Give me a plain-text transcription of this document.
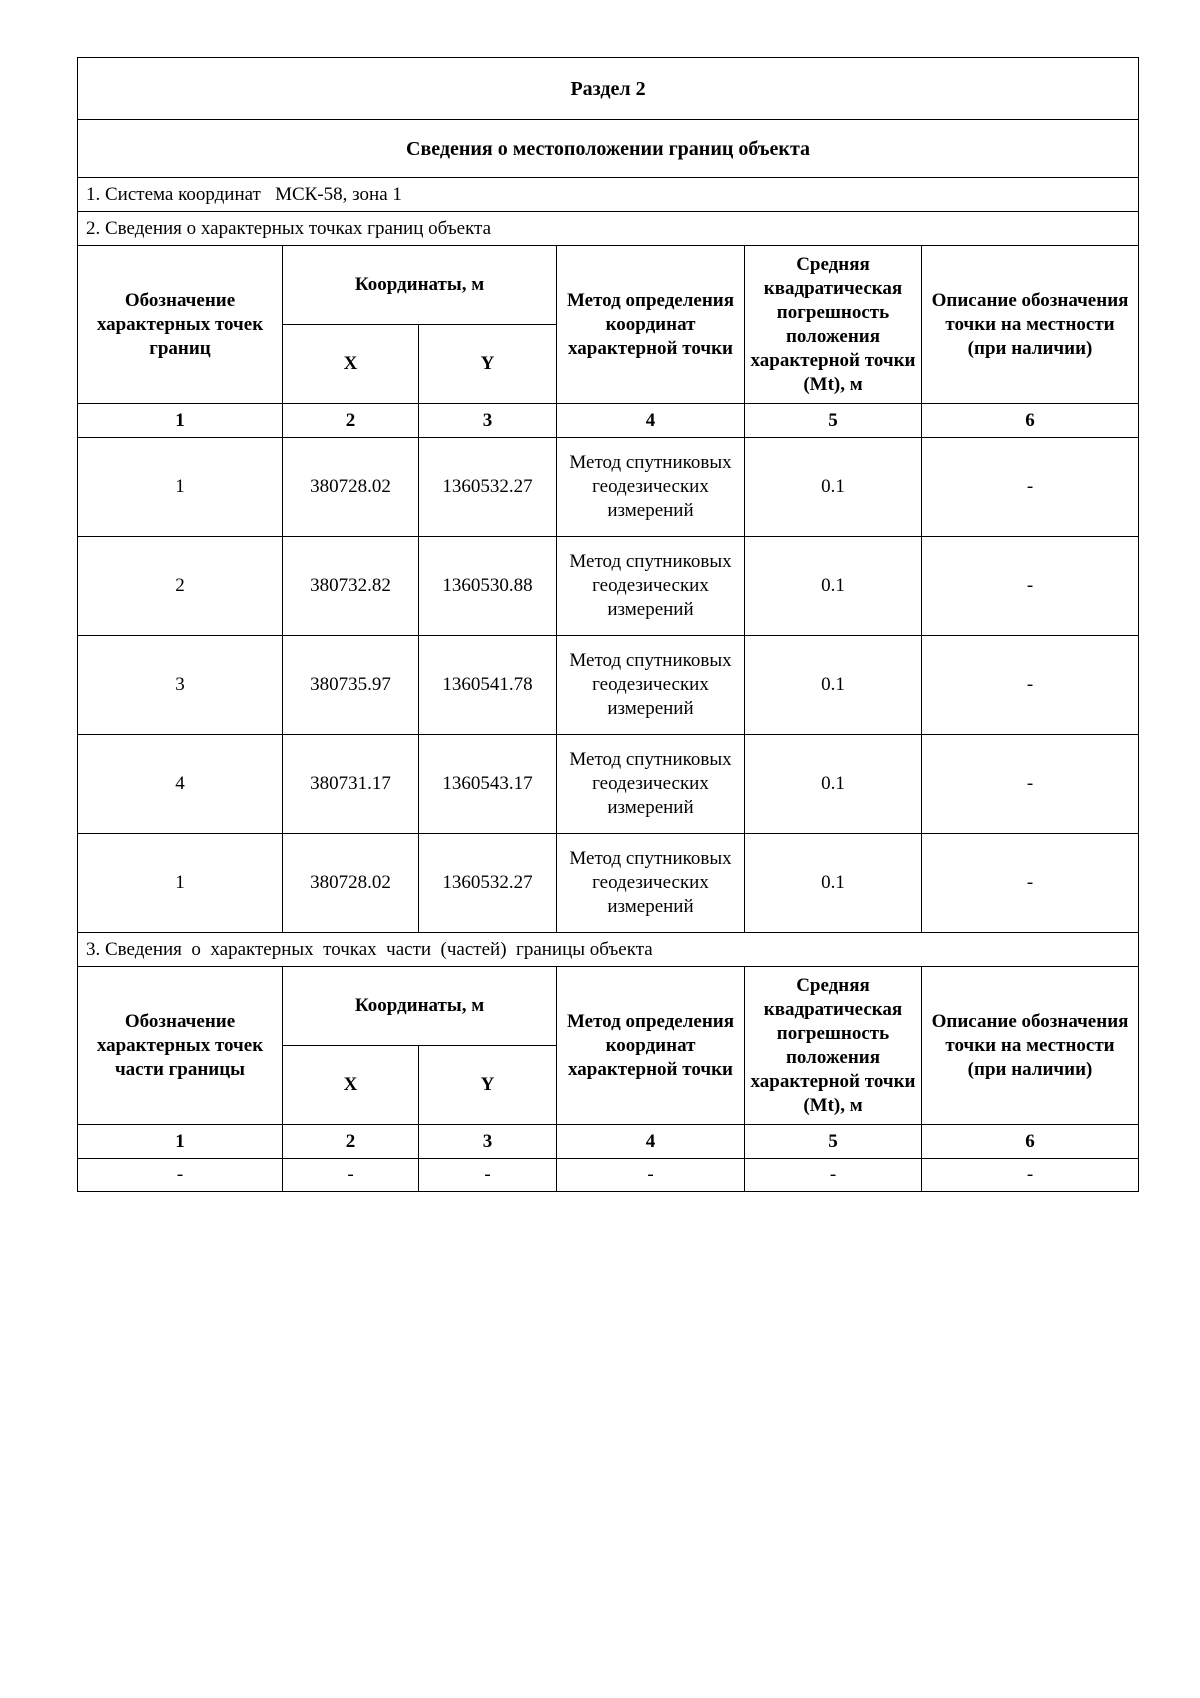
Раздел 2					
Сведения о местоположении границ объекта					
1. Система координат   МСК-58, зона 1					
2. Сведения о характерных точках границ объекта					
Обозначение характерных точек границ	Координаты, м		Метод определения координат характерной точки	Средняя квадратическая погрешность положения характерной точки (Mt), м	Описание обозначения точки на местности (при наличии)
	X	Y			
1	2	3	4	5	6
1	380728.02	1360532.27	Метод спутниковых геодезических измерений	0.1	-
2	380732.82	1360530.88	Метод спутниковых геодезических измерений	0.1	-
3	380735.97	1360541.78	Метод спутниковых геодезических измерений	0.1	-
4	380731.17	1360543.17	Метод спутниковых геодезических измерений	0.1	-
1	380728.02	1360532.27	Метод спутниковых геодезических измерений	0.1	-
3. Сведения  о  характерных  точках  части  (частей)  границы объекта					
Обозначение характерных точек части границы	Координаты, м		Метод определения координат характерной точки	Средняя квадратическая погрешность положения характерной точки (Mt), м	Описание обозначения точки на местности (при наличии)
	X	Y			
1	2	3	4	5	6
-	-	-	-	-	-
